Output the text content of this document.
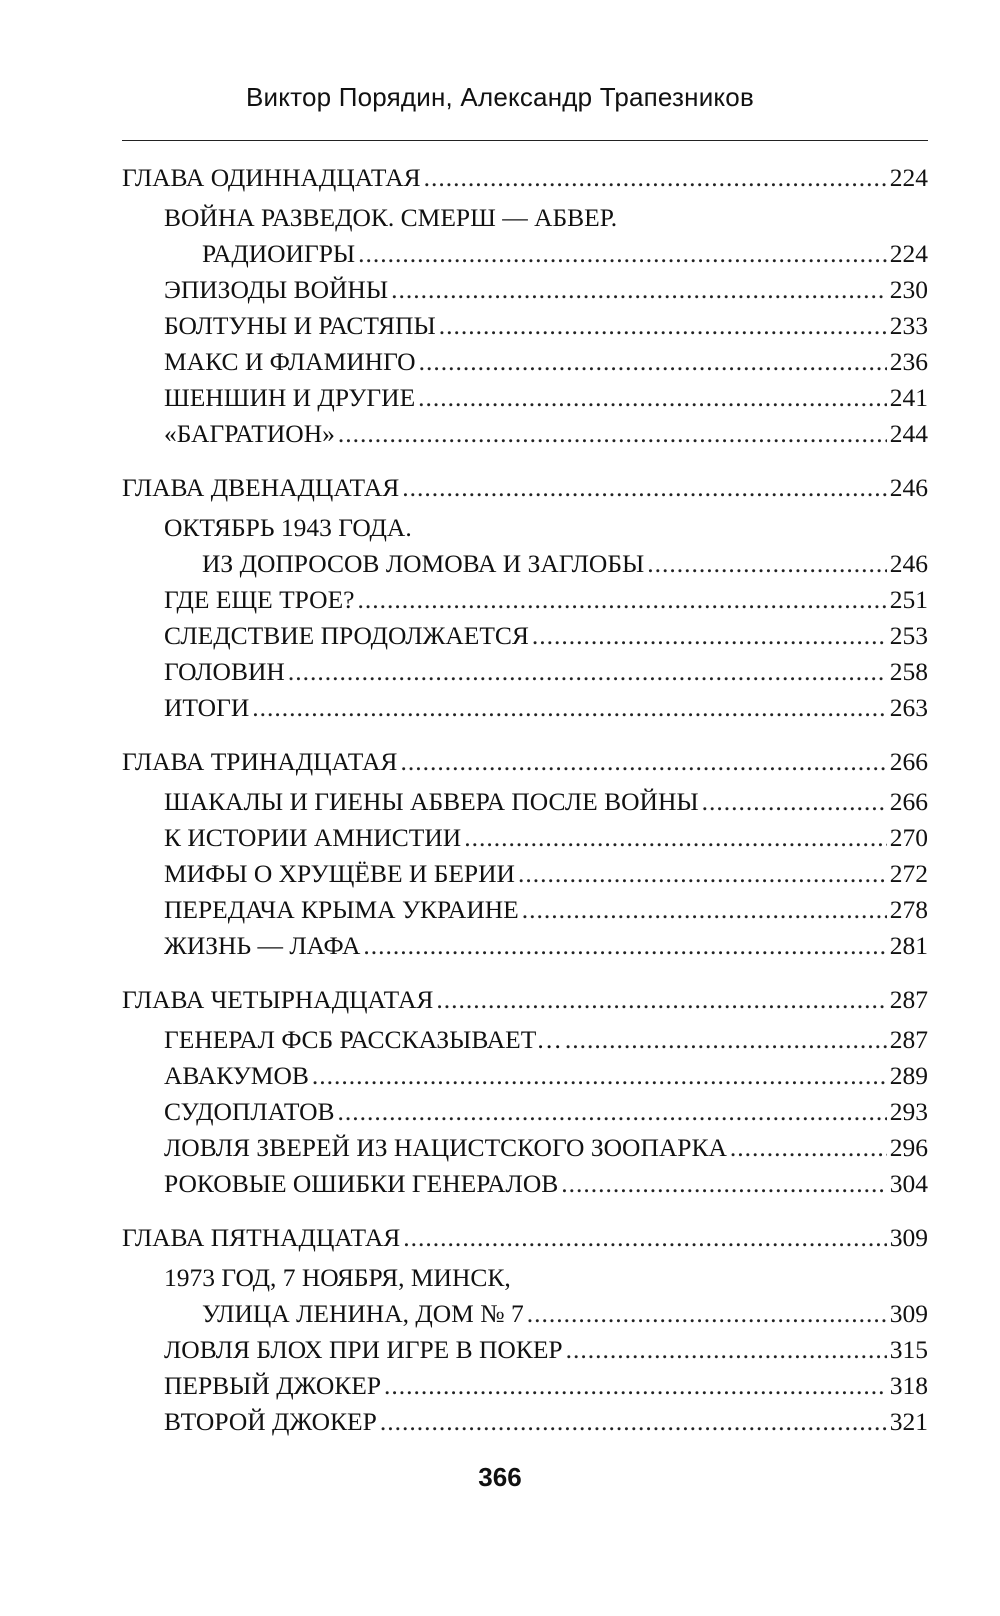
Виктор Порядин, Александр Трапезников
ГЛАВА ОДИННАДЦАТАЯ .....	224
ВОЙНА РАЗВЕДОК. СМЕРШ — АБВЕР.
РАДИОИГРЫ .....	224
ЭПИЗОДЫ ВОЙНЫ .....	230
БОЛТУНЫ И РАСТЯПЫ .....	233
МАКС И ФЛАМИНГО .....	236
ШЕНШИН И ДРУГИЕ .....	241
«БАГРАТИОН» .....	244
ГЛАВА ДВЕНАДЦАТАЯ .....	246
ОКТЯБРЬ 1943 ГОДА.
ИЗ ДОПРОСОВ ЛОМОВА И ЗАГЛОБЫ .....	246
ГДЕ ЕЩЕ ТРОЕ? .....	251
СЛЕДСТВИЕ ПРОДОЛЖАЕТСЯ .....	253
ГОЛОВИН .....	258
ИТОГИ .....	263
ГЛАВА ТРИНАДЦАТАЯ .....	266
ШАКАЛЫ И ГИЕНЫ АБВЕРА ПОСЛЕ ВОЙНЫ .....	266
К ИСТОРИИ АМНИСТИИ .....	270
МИФЫ О ХРУЩЁВЕ И БЕРИИ .....	272
ПЕРЕДАЧА КРЫМА УКРАИНЕ .....	278
ЖИЗНЬ — ЛАФА .....	281
ГЛАВА ЧЕТЫРНАДЦАТАЯ .....	287
ГЕНЕРАЛ ФСБ РАССКАЗЫВАЕТ… .....	287
АВАКУМОВ .....	289
СУДОПЛАТОВ .....	293
ЛОВЛЯ ЗВЕРЕЙ ИЗ НАЦИСТСКОГО ЗООПАРКА .....	296
РОКОВЫЕ ОШИБКИ ГЕНЕРАЛОВ .....	304
ГЛАВА ПЯТНАДЦАТАЯ .....	309
1973 ГОД, 7 НОЯБРЯ, МИНСК,
УЛИЦА ЛЕНИНА, ДОМ № 7 .....	309
ЛОВЛЯ БЛОХ ПРИ ИГРЕ В ПОКЕР .....	315
ПЕРВЫЙ ДЖОКЕР .....	318
ВТОРОЙ ДЖОКЕР .....	321
366
